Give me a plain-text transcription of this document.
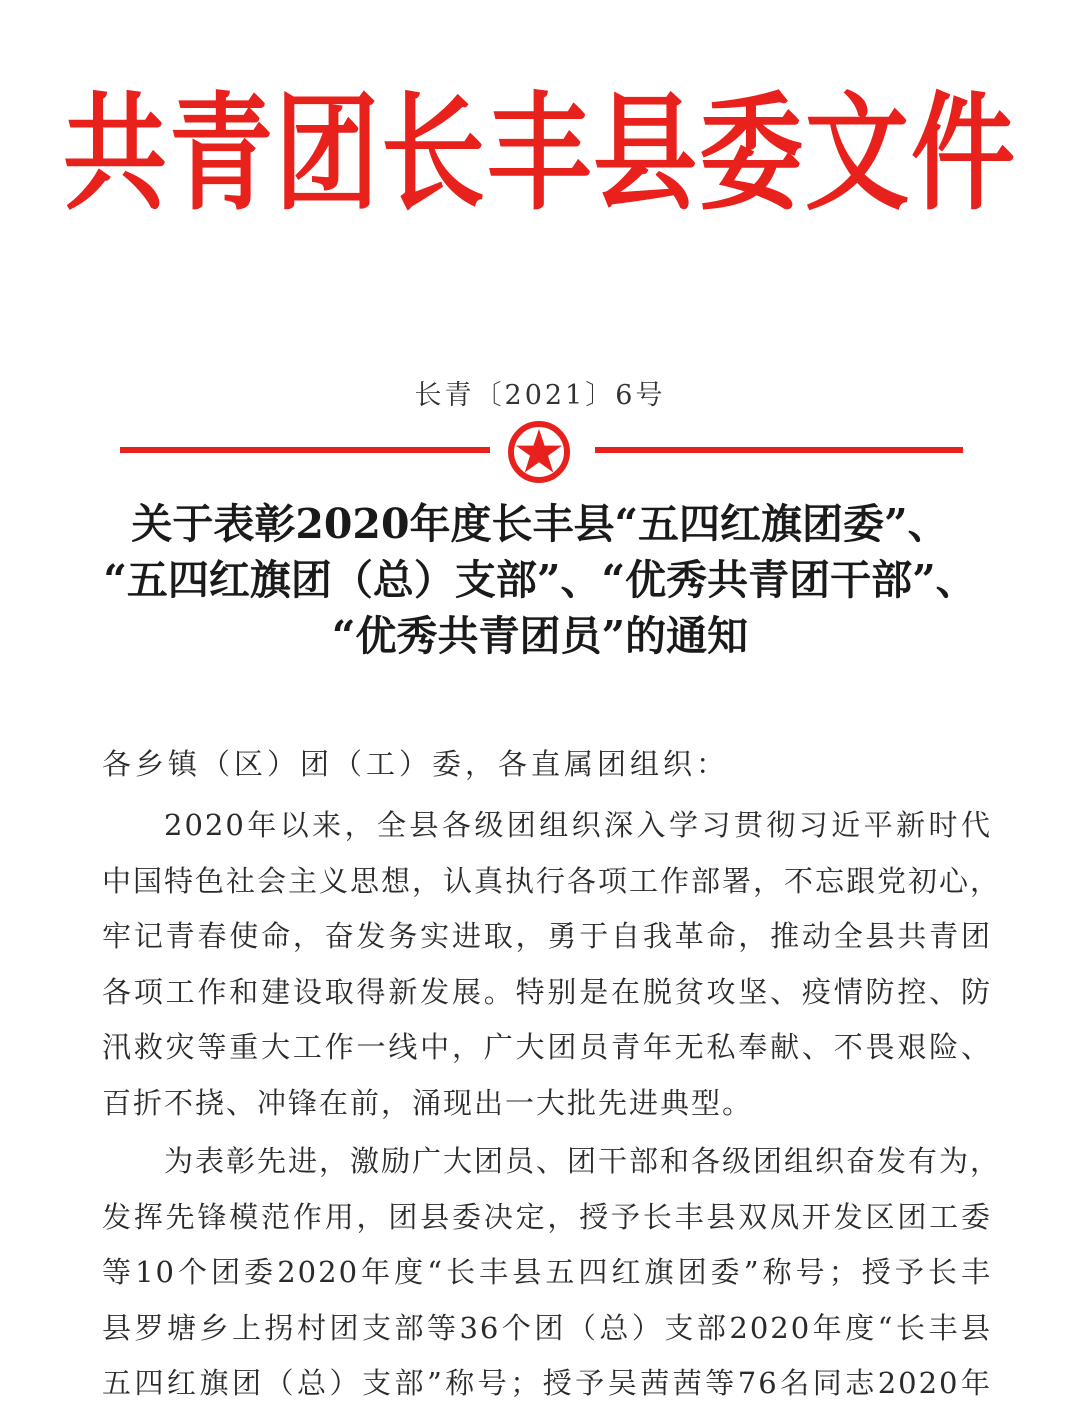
共青团长丰县委文件
长青〔2021〕6号
关于表彰2020年度长丰县“五四红旗团委”、
“五四红旗团（总）支部”、“优秀共青团干部”、
“优秀共青团员”的通知
各乡镇（区）团（工）委，各直属团组织：
2020年以来，全县各级团组织深入学习贯彻习近平新时代
中国特色社会主义思想，认真执行各项工作部署，不忘跟党初心，
牢记青春使命，奋发务实进取，勇于自我革命，推动全县共青团
各项工作和建设取得新发展。特别是在脱贫攻坚、疫情防控、防
汛救灾等重大工作一线中，广大团员青年无私奉献、不畏艰险、
百折不挠、冲锋在前，涌现出一大批先进典型。
为表彰先进，激励广大团员、团干部和各级团组织奋发有为，
发挥先锋模范作用，团县委决定，授予长丰县双凤开发区团工委
等10个团委2020年度“长丰县五四红旗团委”称号；授予长丰
县罗塘乡上拐村团支部等36个团（总）支部2020年度“长丰县
五四红旗团（总）支部”称号；授予吴茜茜等76名同志2020年
